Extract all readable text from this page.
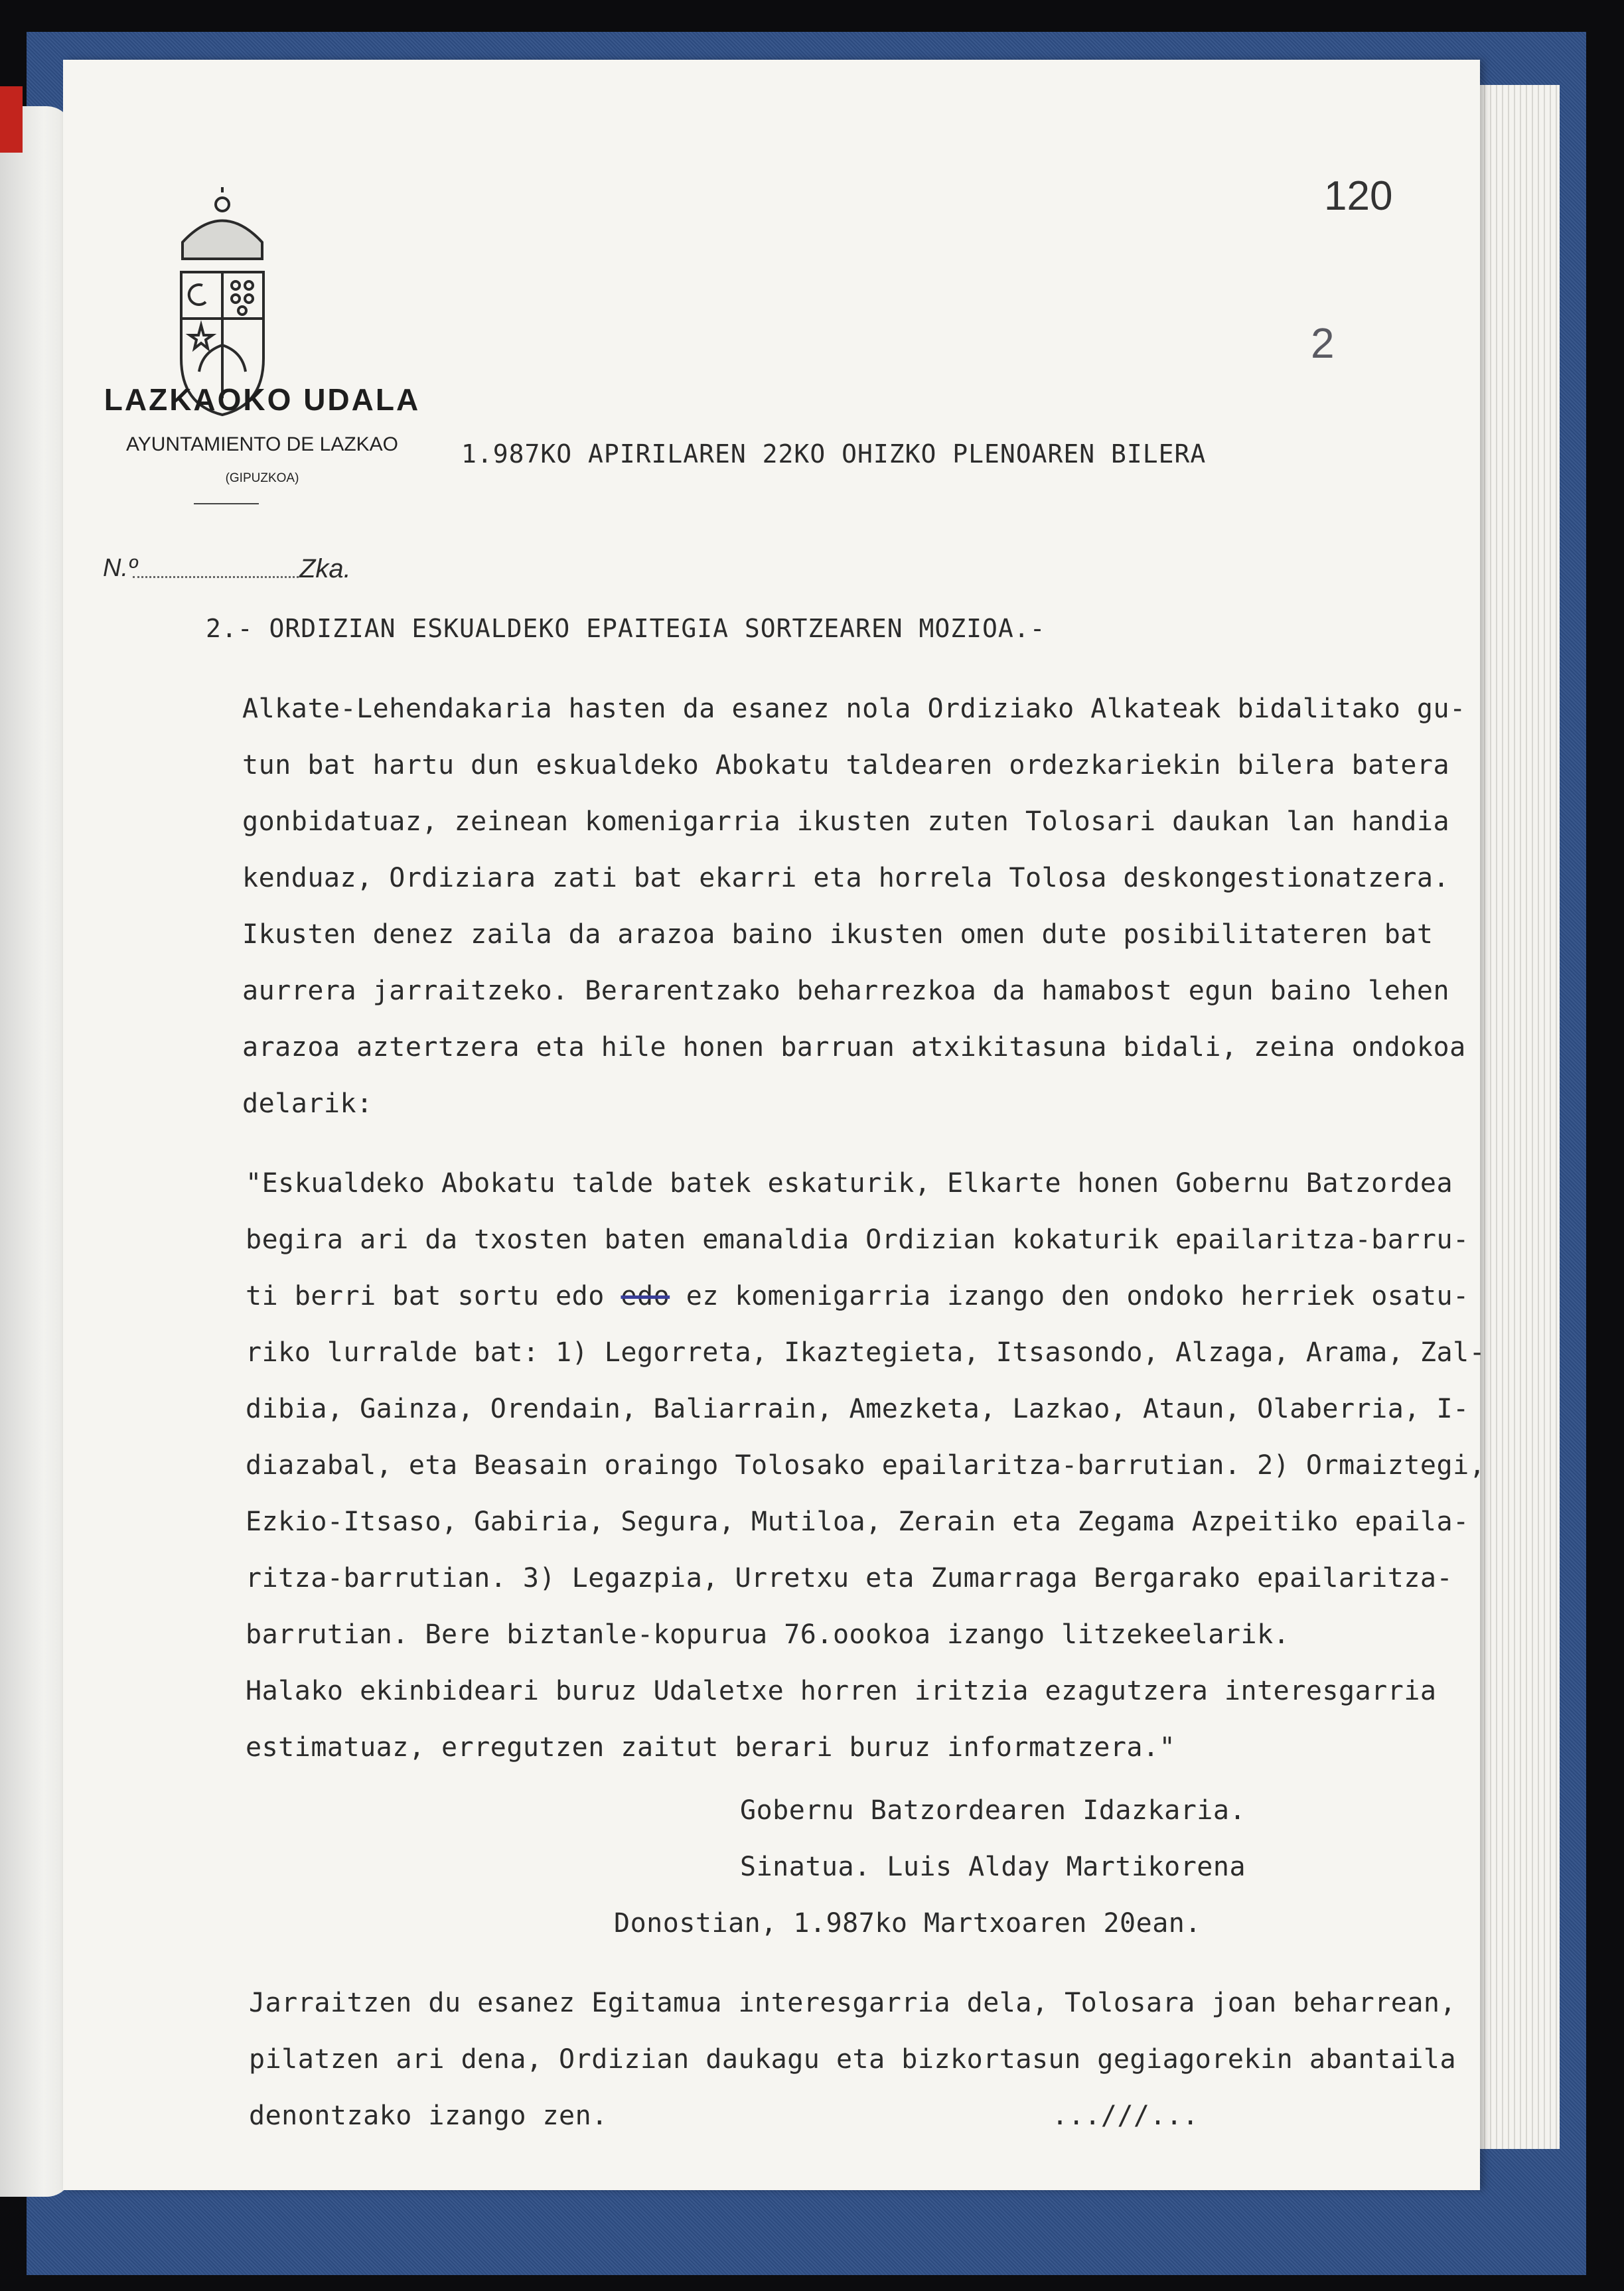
LAZKAOKO UDALA
AYUNTAMIENTO DE LAZKAO
(GIPUZKOA)
N.º	Zka.
120
2
1.987KO APIRILAREN 22KO OHIZKO PLENOAREN BILERA
2.- ORDIZIAN ESKUALDEKO EPAITEGIA SORTZEAREN MOZIOA.-
Alkate-Lehendakaria hasten da esanez nola Ordiziako Alkateak bidalitako gu-
tun bat hartu dun eskualdeko Abokatu taldearen ordezkariekin bilera batera
gonbidatuaz, zeinean komenigarria ikusten zuten Tolosari daukan lan handia
kenduaz, Ordiziara zati bat ekarri eta horrela Tolosa deskongestionatzera.
Ikusten denez zaila da arazoa baino ikusten omen dute posibilitateren bat
aurrera jarraitzeko. Berarentzako beharrezkoa da hamabost egun baino lehen
arazoa aztertzera eta hile honen barruan atxikitasuna bidali, zeina ondokoa
delarik:
"Eskualdeko Abokatu talde batek eskaturik, Elkarte honen Gobernu Batzordea
begira ari da txosten baten emanaldia Ordizian kokaturik epailaritza-barru-
ti berri bat sortu edo edo ez komenigarria izango den ondoko herriek osatu-
riko lurralde bat: 1) Legorreta, Ikaztegieta, Itsasondo, Alzaga, Arama, Zal-
dibia, Gainza, Orendain, Baliarrain, Amezketa, Lazkao, Ataun, Olaberria, I-
diazabal, eta Beasain oraingo Tolosako epailaritza-barrutian. 2) Ormaiztegi,
Ezkio-Itsaso, Gabiria, Segura, Mutiloa, Zerain eta Zegama Azpeitiko epaila-
ritza-barrutian. 3) Legazpia, Urretxu eta Zumarraga Bergarako epailaritza-
barrutian. Bere biztanle-kopurua 76.oookoa izango litzekeelarik.
Halako ekinbideari buruz Udaletxe horren iritzia ezagutzera interesgarria
estimatuaz, erregutzen zaitut berari buruz informatzera."
Gobernu Batzordearen Idazkaria.
Sinatua. Luis Alday Martikorena
Donostian, 1.987ko Martxoaren 20ean.
Jarraitzen du esanez Egitamua interesgarria dela, Tolosara joan beharrean,
pilatzen ari dena, Ordizian daukagu eta bizkortasun gegiagorekin abantaila
denontzako izango zen.	...///...
